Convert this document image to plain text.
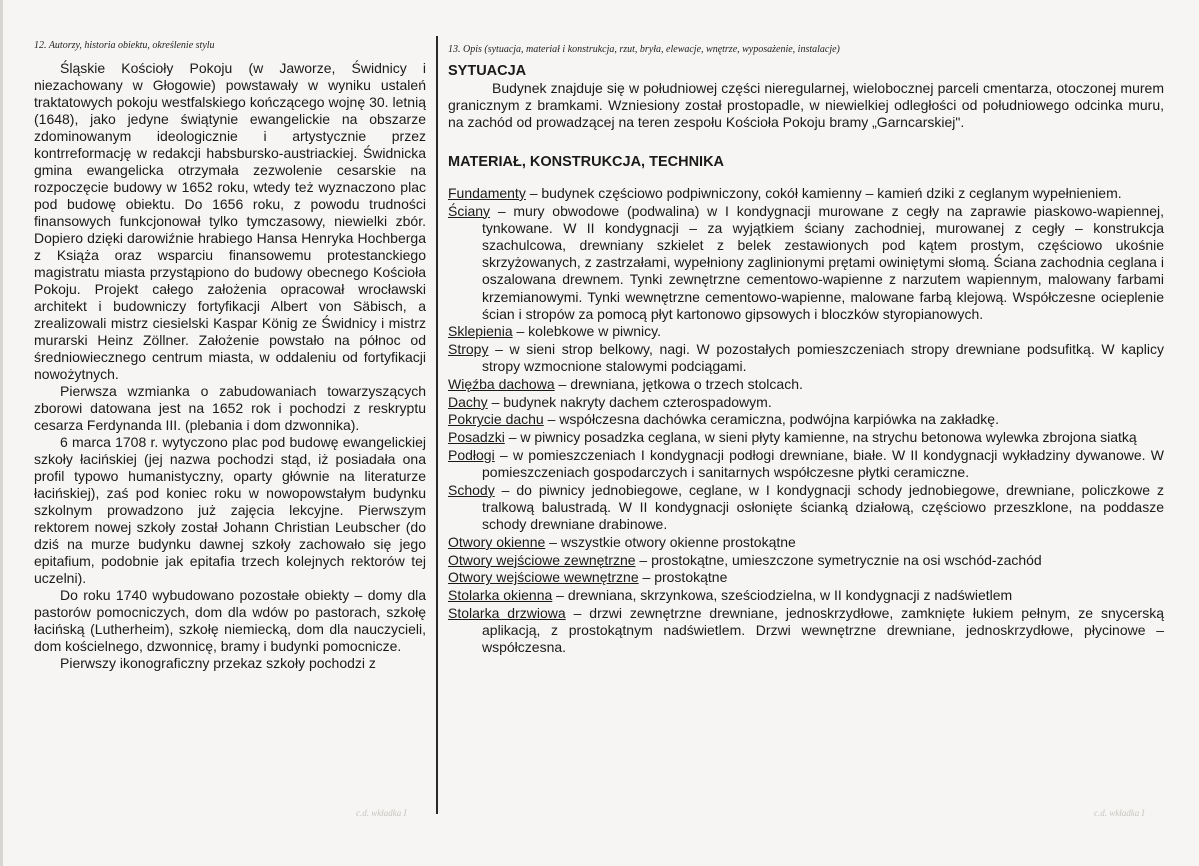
12. Autorzy, historia obiektu, określenie stylu

Śląskie Kościoły Pokoju (w Jaworze, Świdnicy i niezachowany w Głogowie) powstawały w wyniku ustaleń traktatowych pokoju westfalskiego kończącego wojnę 30. letnią (1648), jako jedyne świątynie ewangelickie na obszarze zdominowanym ideologicznie i artystycznie przez kontrreformację w redakcji habsbursko-austriackiej. Świdnicka gmina ewangelicka otrzymała zezwolenie cesarskie na rozpoczęcie budowy w 1652 roku, wtedy też wyznaczono plac pod budowę obiektu. Do 1656 roku, z powodu trudności finansowych funkcjonował tylko tymczasowy, niewielki zbór. Dopiero dzięki darowiźnie hrabiego Hansa Henryka Hochberga z Książa oraz wsparciu finansowemu protestanckiego magistratu miasta przystąpiono do budowy obecnego Kościoła Pokoju. Projekt całego założenia opracował wrocławski architekt i budowniczy fortyfikacji Albert von Säbisch, a zrealizowali mistrz ciesielski Kaspar König ze Świdnicy i mistrz murarski Heinz Zöllner. Założenie powstało na północ od średniowiecznego centrum miasta, w oddaleniu od fortyfikacji nowożytnych.

Pierwsza wzmianka o zabudowaniach towarzyszących zborowi datowana jest na 1652 rok i pochodzi z reskryptu cesarza Ferdynanda III. (plebania i dom dzwonnika).

6 marca 1708 r. wytyczono plac pod budowę ewangelickiej szkoły łacińskiej (jej nazwa pochodzi stąd, iż posiadała ona profil typowo humanistyczny, oparty głównie na literaturze łacińskiej), zaś pod koniec roku w nowopowstałym budynku szkolnym prowadzono już zajęcia lekcyjne. Pierwszym rektorem nowej szkoły został Johann Christian Leubscher (do dziś na murze budynku dawnej szkoły zachowało się jego epitafium, podobnie jak epitafia trzech kolejnych rektorów tej uczelni).

Do roku 1740 wybudowano pozostałe obiekty – domy dla pastorów pomocniczych, dom dla wdów po pastorach, szkołę łacińską (Lutherheim), szkołę niemiecką, dom dla nauczycieli, dom kościelnego, dzwonnicę, bramy i budynki pomocnicze.

Pierwszy ikonograficzny przekaz szkoły pochodzi z

13. Opis (sytuacja, materiał i konstrukcja, rzut, bryła, elewacje, wnętrze, wyposażenie, instalacje)
SYTUACJA

Budynek znajduje się w południowej części nieregularnej, wielobocznej parceli cmentarza, otoczonej murem granicznym z bramkami. Wzniesiony został prostopadle, w niewielkiej odległości od południowego odcinka muru, na zachód od prowadzącej na teren zespołu Kościoła Pokoju bramy „Garncarskiej".

MATERIAŁ, KONSTRUKCJA, TECHNIKA
Fundamenty – budynek częściowo podpiwniczony, cokół kamienny – kamień dziki z ceglanym wypełnieniem.
Ściany – mury obwodowe (podwalina) w I kondygnacji murowane z cegły na zaprawie piaskowo-wapiennej, tynkowane. W II kondygnacji – za wyjątkiem ściany zachodniej, murowanej z cegły – konstrukcja szachulcowa, drewniany szkielet z belek zestawionych pod kątem prostym, częściowo ukośnie skrzyżowanych, z zastrzałami, wypełniony zaglinionymi prętami owiniętymi słomą. Ściana zachodnia ceglana i oszalowana drewnem. Tynki zewnętrzne cementowo-wapienne z narzutem wapiennym, malowany farbami krzemianowymi. Tynki wewnętrzne cementowo-wapienne, malowane farbą klejową. Współczesne ocieplenie ścian i stropów za pomocą płyt kartonowo gipsowych i bloczków styropianowych.
Sklepienia – kolebkowe w piwnicy.
Stropy – w sieni strop belkowy, nagi. W pozostałych pomieszczeniach stropy drewniane podsufitką. W kaplicy stropy wzmocnione stalowymi podciągami.
Więźba dachowa – drewniana, jętkowa o trzech stolcach.
Dachy – budynek nakryty dachem czterospadowym.
Pokrycie dachu – współczesna dachówka ceramiczna, podwójna karpiówka na zakładkę.
Posadzki – w piwnicy posadzka ceglana, w sieni płyty kamienne, na strychu betonowa wylewka zbrojona siatką
Podłogi – w pomieszczeniach I kondygnacji podłogi drewniane, białe. W II kondygnacji wykładziny dywanowe. W pomieszczeniach gospodarczych i sanitarnych współczesne płytki ceramiczne.
Schody – do piwnicy jednobiegowe, ceglane, w I kondygnacji schody jednobiegowe, drewniane, policzkowe z tralkową balustradą. W II kondygnacji osłonięte ścianką działową, częściowo przeszklone, na poddasze schody drewniane drabinowe.
Otwory okienne – wszystkie otwory okienne prostokątne
Otwory wejściowe zewnętrzne – prostokątne, umieszczone symetrycznie na osi wschód-zachód
Otwory wejściowe wewnętrzne – prostokątne
Stolarka okienna – drewniana, skrzynkowa, sześciodzielna, w II kondygnacji z nadświetlem
Stolarka drzwiowa – drzwi zewnętrzne drewniane, jednoskrzydłowe, zamknięte łukiem pełnym, ze snycerską aplikacją, z prostokątnym nadświetlem. Drzwi wewnętrzne drewniane, jednoskrzydłowe, płycinowe – współczesna.
c.d. wkładka I	c.d. wkładka I
